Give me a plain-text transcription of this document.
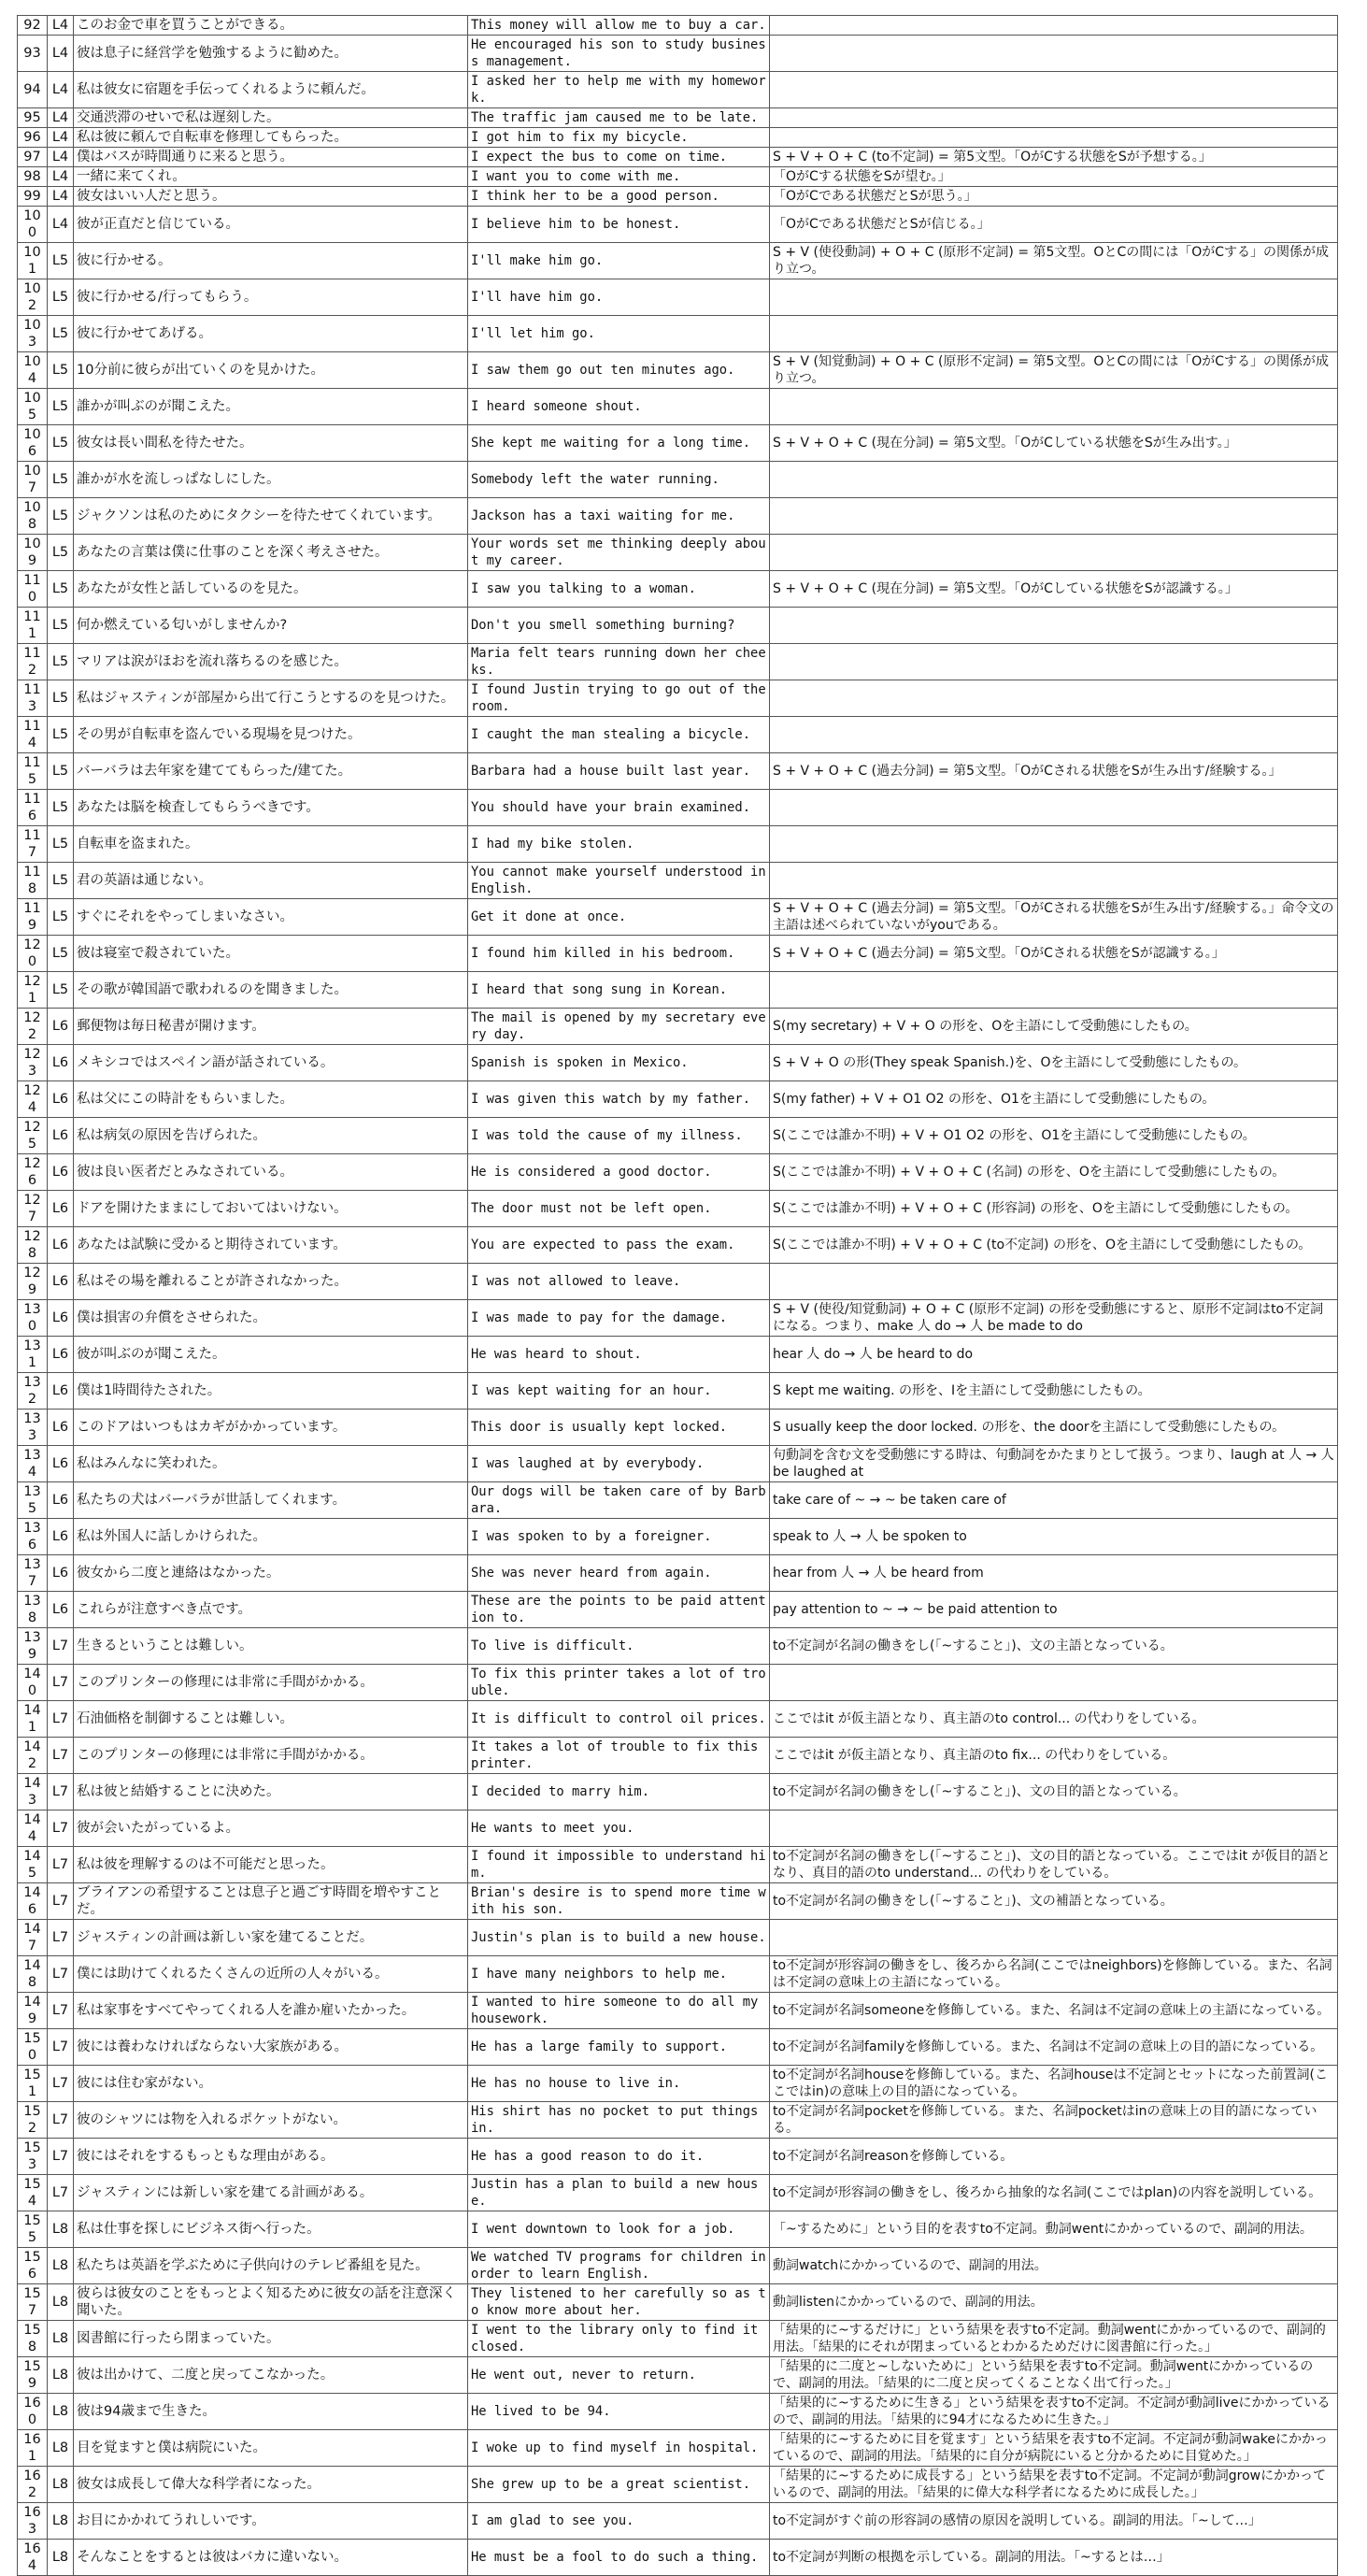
92	L4	このお金で車を買うことができる。	This money will allow me to buy a car.	
93	L4	彼は息子に経営学を勉強するように勧めた。	He encouraged his son to study business management.	
94	L4	私は彼女に宿題を手伝ってくれるように頼んだ。	I asked her to help me with my homework.	
95	L4	交通渋滞のせいで私は遅刻した。	The traffic jam caused me to be late.	
96	L4	私は彼に頼んで自転車を修理してもらった。	I got him to fix my bicycle.	
97	L4	僕はバスが時間通りに来ると思う。	I expect the bus to come on time.	S + V + O + C (to不定詞) = 第5文型。「OがCする状態をSが予想する。」
98	L4	一緒に来てくれ。	I want you to come with me.	「OがCする状態をSが望む。」
99	L4	彼女はいい人だと思う。	I think her to be a good person.	「OがCである状態だとSが思う。」
100	L4	彼が正直だと信じている。	I believe him to be honest.	「OがCである状態だとSが信じる。」
101	L5	彼に行かせる。	I'll make him go.	S + V (使役動詞) + O + C (原形不定詞) = 第5文型。OとCの間には「OがCする」の関係が成り立つ。
102	L5	彼に行かせる/行ってもらう。	I'll have him go.	
103	L5	彼に行かせてあげる。	I'll let him go.	
104	L5	10分前に彼らが出ていくのを見かけた。	I saw them go out ten minutes ago.	S + V (知覚動詞) + O + C (原形不定詞) = 第5文型。OとCの間には「OがCする」の関係が成り立つ。
105	L5	誰かが叫ぶのが聞こえた。	I heard someone shout.	
106	L5	彼女は長い間私を待たせた。	She kept me waiting for a long time.	S + V + O + C (現在分詞) = 第5文型。「OがCしている状態をSが生み出す。」
107	L5	誰かが水を流しっぱなしにした。	Somebody left the water running.	
108	L5	ジャクソンは私のためにタクシーを待たせてくれています。	Jackson has a taxi waiting for me.	
109	L5	あなたの言葉は僕に仕事のことを深く考えさせた。	Your words set me thinking deeply about my career.	
110	L5	あなたが女性と話しているのを見た。	I saw you talking to a woman.	S + V + O + C (現在分詞) = 第5文型。「OがCしている状態をSが認識する。」
111	L5	何か燃えている匂いがしませんか?	Don't you smell something burning?	
112	L5	マリアは涙がほおを流れ落ちるのを感じた。	Maria felt tears running down her cheeks.	
113	L5	私はジャスティンが部屋から出て行こうとするのを見つけた。	I found Justin trying to go out of the room.	
114	L5	その男が自転車を盗んでいる現場を見つけた。	I caught the man stealing a bicycle.	
115	L5	バーバラは去年家を建ててもらった/建てた。	Barbara had a house built last year.	S + V + O + C (過去分詞) = 第5文型。「OがCされる状態をSが生み出す/経験する。」
116	L5	あなたは脳を検査してもらうべきです。	You should have your brain examined.	
117	L5	自転車を盗まれた。	I had my bike stolen.	
118	L5	君の英語は通じない。	You cannot make yourself understood in English.	
119	L5	すぐにそれをやってしまいなさい。	Get it done at once.	S + V + O + C (過去分詞) = 第5文型。「OがCされる状態をSが生み出す/経験する。」命令文の主語は述べられていないがyouである。
120	L5	彼は寝室で殺されていた。	I found him killed in his bedroom.	S + V + O + C (過去分詞) = 第5文型。「OがCされる状態をSが認識する。」
121	L5	その歌が韓国語で歌われるのを聞きました。	I heard that song sung in Korean.	
122	L6	郵便物は毎日秘書が開けます。	The mail is opened by my secretary every day.	S(my secretary) + V + O の形を、Oを主語にして受動態にしたもの。
123	L6	メキシコではスペイン語が話されている。	Spanish is spoken in Mexico.	S + V + O の形(They speak Spanish.)を、Oを主語にして受動態にしたもの。
124	L6	私は父にこの時計をもらいました。	I was given this watch by my father.	S(my father) + V + O1 O2 の形を、O1を主語にして受動態にしたもの。
125	L6	私は病気の原因を告げられた。	I was told the cause of my illness.	S(ここでは誰か不明) + V + O1 O2 の形を、O1を主語にして受動態にしたもの。
126	L6	彼は良い医者だとみなされている。	He is considered a good doctor.	S(ここでは誰か不明) + V + O + C (名詞) の形を、Oを主語にして受動態にしたもの。
127	L6	ドアを開けたままにしておいてはいけない。	The door must not be left open.	S(ここでは誰か不明) + V + O + C (形容詞) の形を、Oを主語にして受動態にしたもの。
128	L6	あなたは試験に受かると期待されています。	You are expected to pass the exam.	S(ここでは誰か不明) + V + O + C (to不定詞) の形を、Oを主語にして受動態にしたもの。
129	L6	私はその場を離れることが許されなかった。	I was not allowed to leave.	
130	L6	僕は損害の弁償をさせられた。	I was made to pay for the damage.	S + V (使役/知覚動詞) + O + C (原形不定詞) の形を受動態にすると、原形不定詞はto不定詞になる。つまり、make 人 do → 人 be made to do
131	L6	彼が叫ぶのが聞こえた。	He was heard to shout.	hear 人 do → 人 be heard to do
132	L6	僕は1時間待たされた。	I was kept waiting for an hour.	S kept me waiting. の形を、Iを主語にして受動態にしたもの。
133	L6	このドアはいつもはカギがかかっています。	This door is usually kept locked.	S usually keep the door locked. の形を、the doorを主語にして受動態にしたもの。
134	L6	私はみんなに笑われた。	I was laughed at by everybody.	句動詞を含む文を受動態にする時は、句動詞をかたまりとして扱う。つまり、laugh at 人 → 人 be laughed at
135	L6	私たちの犬はバーバラが世話してくれます。	Our dogs will be taken care of by Barbara.	take care of ~ → ~ be taken care of
136	L6	私は外国人に話しかけられた。	I was spoken to by a foreigner.	speak to 人 → 人 be spoken to
137	L6	彼女から二度と連絡はなかった。	She was never heard from again.	hear from 人 → 人 be heard from
138	L6	これらが注意すべき点です。	These are the points to be paid attention to.	pay attention to ~ → ~ be paid attention to
139	L7	生きるということは難しい。	To live is difficult.	to不定詞が名詞の働きをし(「~すること」)、文の主語となっている。
140	L7	このプリンターの修理には非常に手間がかかる。	To fix this printer takes a lot of trouble.	
141	L7	石油価格を制御することは難しい。	It is difficult to control oil prices.	ここではit が仮主語となり、真主語のto control... の代わりをしている。
142	L7	このプリンターの修理には非常に手間がかかる。	It takes a lot of trouble to fix this printer.	ここではit が仮主語となり、真主語のto fix... の代わりをしている。
143	L7	私は彼と結婚することに決めた。	I decided to marry him.	to不定詞が名詞の働きをし(「~すること」)、文の目的語となっている。
144	L7	彼が会いたがっているよ。	He wants to meet you.	
145	L7	私は彼を理解するのは不可能だと思った。	I found it impossible to understand him.	to不定詞が名詞の働きをし(「~すること」)、文の目的語となっている。ここではit が仮目的語となり、真目的語のto understand... の代わりをしている。
146	L7	ブライアンの希望することは息子と過ごす時間を増やすことだ。	Brian's desire is to spend more time with his son.	to不定詞が名詞の働きをし(「~すること」)、文の補語となっている。
147	L7	ジャスティンの計画は新しい家を建てることだ。	Justin's plan is to build a new house.	
148	L7	僕には助けてくれるたくさんの近所の人々がいる。	I have many neighbors to help me.	to不定詞が形容詞の働きをし、後ろから名詞(ここではneighbors)を修飾している。また、名詞は不定詞の意味上の主語になっている。
149	L7	私は家事をすべてやってくれる人を誰か雇いたかった。	I wanted to hire someone to do all my housework.	to不定詞が名詞someoneを修飾している。また、名詞は不定詞の意味上の主語になっている。
150	L7	彼には養わなければならない大家族がある。	He has a large family to support.	to不定詞が名詞familyを修飾している。また、名詞は不定詞の意味上の目的語になっている。
151	L7	彼には住む家がない。	He has no house to live in.	to不定詞が名詞houseを修飾している。また、名詞houseは不定詞とセットになった前置詞(ここではin)の意味上の目的語になっている。
152	L7	彼のシャツには物を入れるポケットがない。	His shirt has no pocket to put things in.	to不定詞が名詞pocketを修飾している。また、名詞pocketはinの意味上の目的語になっている。
153	L7	彼にはそれをするもっともな理由がある。	He has a good reason to do it.	to不定詞が名詞reasonを修飾している。
154	L7	ジャスティンには新しい家を建てる計画がある。	Justin has a plan to build a new house.	to不定詞が形容詞の働きをし、後ろから抽象的な名詞(ここではplan)の内容を説明している。
155	L8	私は仕事を探しにビジネス街へ行った。	I went downtown to look for a job.	「~するために」という目的を表すto不定詞。動詞wentにかかっているので、副詞的用法。
156	L8	私たちは英語を学ぶために子供向けのテレビ番組を見た。	We watched TV programs for children in order to learn English.	動詞watchにかかっているので、副詞的用法。
157	L8	彼らは彼女のことをもっとよく知るために彼女の話を注意深く聞いた。	They listened to her carefully so as to know more about her.	動詞listenにかかっているので、副詞的用法。
158	L8	図書館に行ったら閉まっていた。	I went to the library only to find it closed.	「結果的に~するだけに」という結果を表すto不定詞。動詞wentにかかっているので、副詞的用法。「結果的にそれが閉まっているとわかるためだけに図書館に行った。」
159	L8	彼は出かけて、二度と戻ってこなかった。	He went out, never to return.	「結果的に二度と~しないために」という結果を表すto不定詞。動詞wentにかかっているので、副詞的用法。「結果的に二度と戻ってくることなく出て行った。」
160	L8	彼は94歳まで生きた。	He lived to be 94.	「結果的に~するために生きる」という結果を表すto不定詞。不定詞が動詞liveにかかっているので、副詞的用法。「結果的に94才になるために生きた。」
161	L8	目を覚ますと僕は病院にいた。	I woke up to find myself in hospital.	「結果的に~するために目を覚ます」という結果を表すto不定詞。不定詞が動詞wakeにかかっているので、副詞的用法。「結果的に自分が病院にいると分かるために目覚めた。」
162	L8	彼女は成長して偉大な科学者になった。	She grew up to be a great scientist.	「結果的に~するために成長する」という結果を表すto不定詞。不定詞が動詞growにかかっているので、副詞的用法。「結果的に偉大な科学者になるために成長した。」
163	L8	お目にかかれてうれしいです。	I am glad to see you.	to不定詞がすぐ前の形容詞の感情の原因を説明している。副詞的用法。「~して…」
164	L8	そんなことをするとは彼はバカに違いない。	He must be a fool to do such a thing.	to不定詞が判断の根拠を示している。副詞的用法。「~するとは…」
